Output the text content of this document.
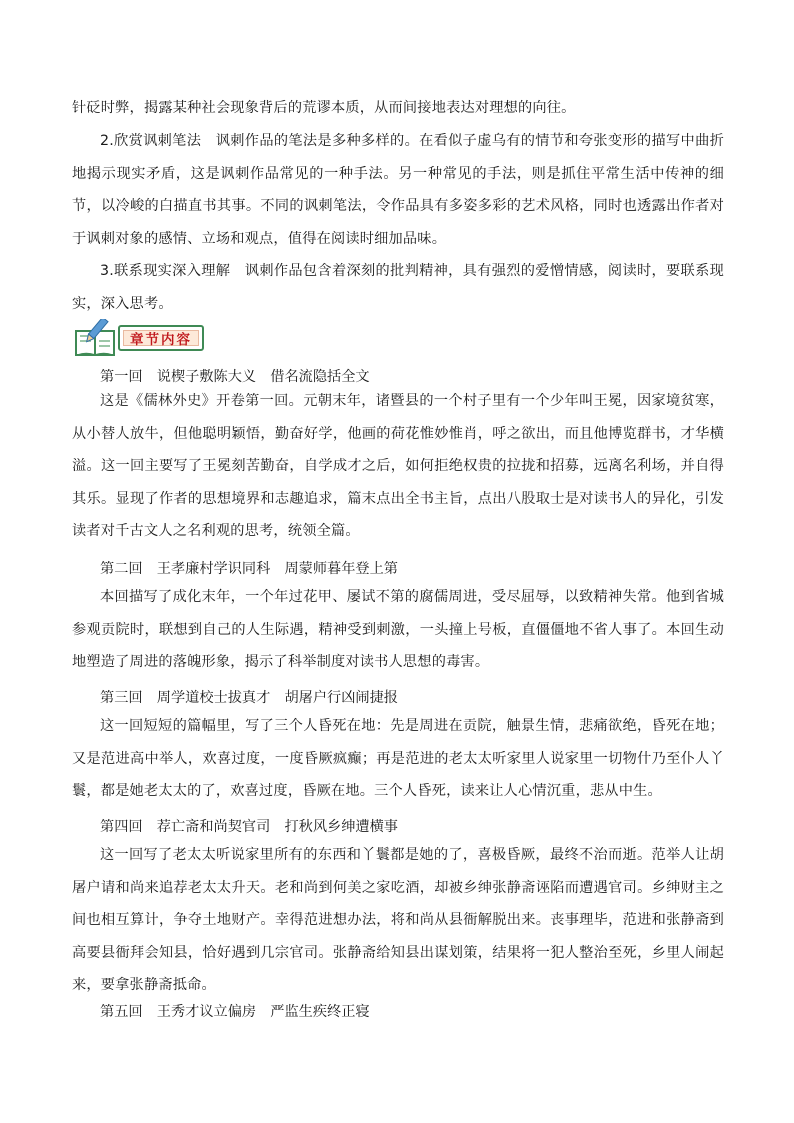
针砭时弊，揭露某种社会现象背后的荒谬本质，从而间接地表达对理想的向往。

2.欣赏讽刺笔法　讽刺作品的笔法是多种多样的。在看似子虚乌有的情节和夸张变形的描写中曲折地揭示现实矛盾，这是讽刺作品常见的一种手法。另一种常见的手法，则是抓住平常生活中传神的细节，以冷峻的白描直书其事。不同的讽刺笔法，令作品具有多姿多彩的艺术风格，同时也透露出作者对于讽刺对象的感情、立场和观点，值得在阅读时细加品味。

3.联系现实深入理解　讽刺作品包含着深刻的批判精神，具有强烈的爱憎情感，阅读时，要联系现实，深入思考。

章节内容
第一回　说楔子敷陈大义　借名流隐括全文

这是《儒林外史》开卷第一回。元朝末年，诸暨县的一个村子里有一个少年叫王冕，因家境贫寒，从小替人放牛，但他聪明颖悟，勤奋好学，他画的荷花惟妙惟肖，呼之欲出，而且他博览群书，才华横溢。这一回主要写了王冕刻苦勤奋，自学成才之后，如何拒绝权贵的拉拢和招募，远离名利场，并自得其乐。显现了作者的思想境界和志趣追求，篇末点出全书主旨，点出八股取士是对读书人的异化，引发读者对千古文人之名利观的思考，统领全篇。

第二回　王孝廉村学识同科　周蒙师暮年登上第

本回描写了成化末年，一个年过花甲、屡试不第的腐儒周进，受尽屈辱，以致精神失常。他到省城参观贡院时，联想到自己的人生际遇，精神受到刺激，一头撞上号板，直僵僵地不省人事了。本回生动地塑造了周进的落魄形象，揭示了科举制度对读书人思想的毒害。

第三回　周学道校士拔真才　胡屠户行凶闹捷报

这一回短短的篇幅里，写了三个人昏死在地：先是周进在贡院，触景生情，悲痛欲绝，昏死在地；又是范进高中举人，欢喜过度，一度昏厥疯癫；再是范进的老太太听家里人说家里一切物什乃至仆人丫鬟，都是她老太太的了，欢喜过度，昏厥在地。三个人昏死，读来让人心情沉重，悲从中生。

第四回　荐亡斋和尚契官司　打秋风乡绅遭横事

这一回写了老太太听说家里所有的东西和丫鬟都是她的了，喜极昏厥，最终不治而逝。范举人让胡屠户请和尚来追荐老太太升天。老和尚到何美之家吃酒，却被乡绅张静斋诬陷而遭遇官司。乡绅财主之间也相互算计，争夺土地财产。幸得范进想办法，将和尚从县衙解脱出来。丧事理毕，范进和张静斋到高要县衙拜会知县，恰好遇到几宗官司。张静斋给知县出谋划策，结果将一犯人整治至死，乡里人闹起来，要拿张静斋抵命。

第五回　王秀才议立偏房　严监生疾终正寝
